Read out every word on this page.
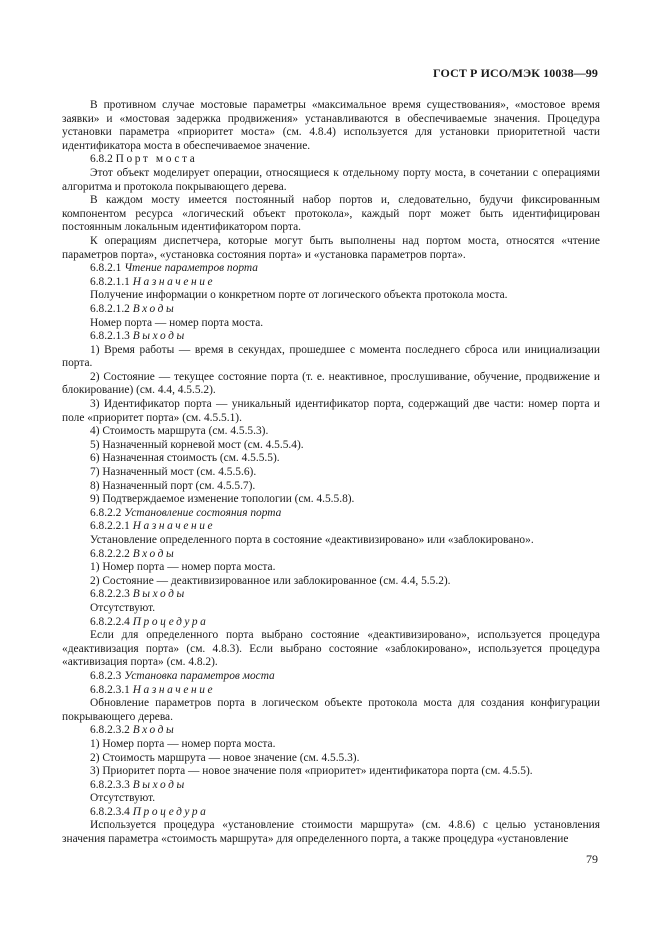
ГОСТ Р ИСО/МЭК 10038—99

В противном случае мостовые параметры «максимальное время существования», «мостовое время заявки» и «мостовая задержка продвижения» устанавливаются в обеспечиваемые значения. Процедура установки параметра «приоритет моста» (см. 4.8.4) используется для установки приоритетной части идентификатора моста в обеспечиваемое значение.

6.8.2 Порт моста

Этот объект моделирует операции, относящиеся к отдельному порту моста, в сочетании с операциями алгоритма и протокола покрывающего дерева.

В каждом мосту имеется постоянный набор портов и, следовательно, будучи фиксированным компонентом ресурса «логический объект протокола», каждый порт может быть идентифицирован постоянным локальным идентификатором порта.

К операциям диспетчера, которые могут быть выполнены над портом моста, относятся «чтение параметров порта», «установка состояния порта» и «установка параметров порта».

6.8.2.1 Чтение параметров порта

6.8.2.1.1 Назначение

Получение информации о конкретном порте от логического объекта протокола моста.

6.8.2.1.2 Входы

Номер порта — номер порта моста.

6.8.2.1.3 Выходы

1) Время работы — время в секундах, прошедшее с момента последнего сброса или инициализации порта.

2) Состояние — текущее состояние порта (т. е. неактивное, прослушивание, обучение, продвижение и блокирование) (см. 4.4, 4.5.5.2).

3) Идентификатор порта — уникальный идентификатор порта, содержащий две части: номер порта и поле «приоритет порта» (см. 4.5.5.1).

4) Стоимость маршрута (см. 4.5.5.3).

5) Назначенный корневой мост (см. 4.5.5.4).

6) Назначенная стоимость (см. 4.5.5.5).

7) Назначенный мост (см. 4.5.5.6).

8) Назначенный порт (см. 4.5.5.7).

9) Подтверждаемое изменение топологии (см. 4.5.5.8).

6.8.2.2 Установление состояния порта

6.8.2.2.1 Назначение

Установление определенного порта в состояние «деактивизировано» или «заблокировано».

6.8.2.2.2 Входы

1) Номер порта — номер порта моста.

2) Состояние — деактивизированное или заблокированное (см. 4.4, 5.5.2).

6.8.2.2.3 Выходы

Отсутствуют.

6.8.2.2.4 Процедура

Если для определенного порта выбрано состояние «деактивизировано», используется процедура «деактивизация порта» (см. 4.8.3). Если выбрано состояние «заблокировано», используется процедура «активизация порта» (см. 4.8.2).

6.8.2.3 Установка параметров моста

6.8.2.3.1 Назначение

Обновление параметров порта в логическом объекте протокола моста для создания конфигурации покрывающего дерева.

6.8.2.3.2 Входы

1) Номер порта — номер порта моста.

2) Стоимость маршрута — новое значение (см. 4.5.5.3).

3) Приоритет порта — новое значение поля «приоритет» идентификатора порта (см. 4.5.5).

6.8.2.3.3 Выходы

Отсутствуют.

6.8.2.3.4 Процедура

Используется процедура «установление стоимости маршрута» (см. 4.8.6) с целью установления значения параметра «стоимость маршрута» для определенного порта, а также процедура «установление

79
